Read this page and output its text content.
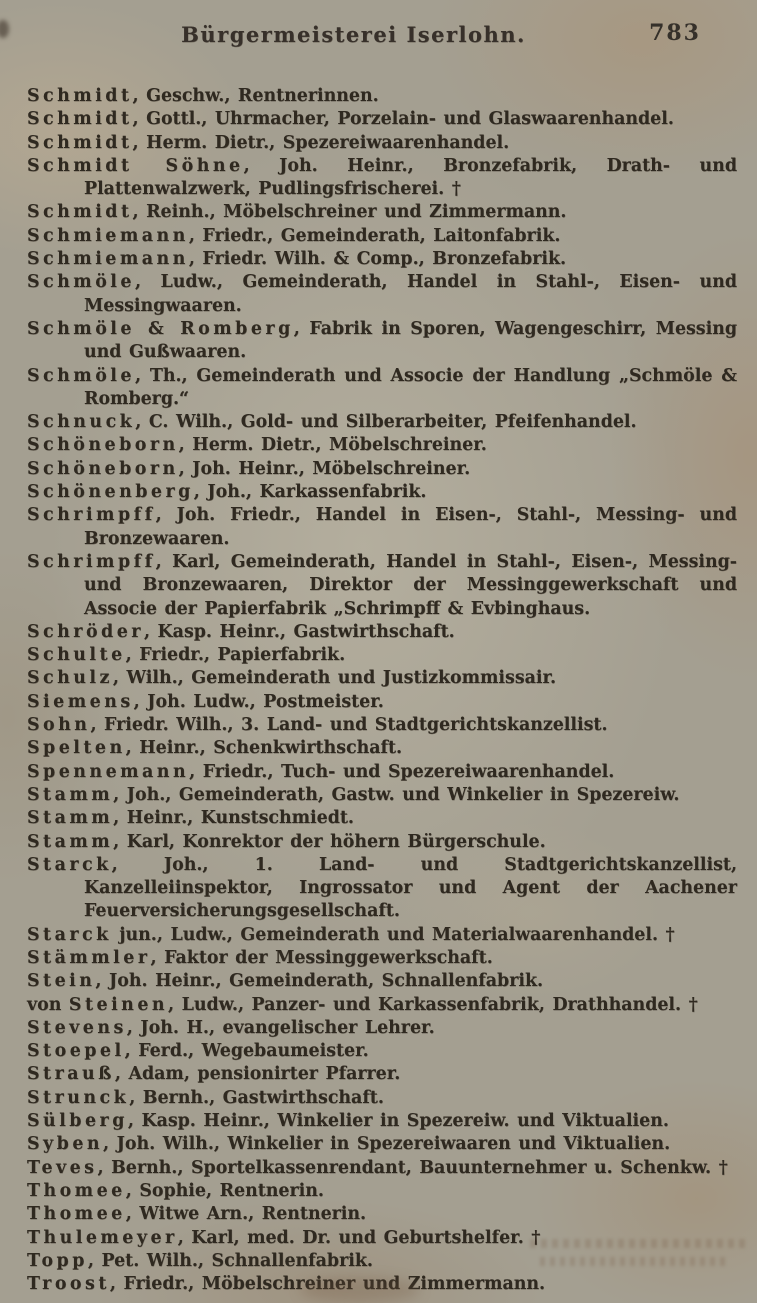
Bürgermeisterei Iserlohn.	783
Schmidt, Geschw., Rentnerinnen.
Schmidt, Gottl., Uhrmacher, Porzelain- und Glaswaarenhandel.
Schmidt, Herm. Dietr., Spezereiwaarenhandel.
Schmidt Söhne, Joh. Heinr., Bronzefabrik, Drath- und Plattenwalzwerk, Pudlingsfrischerei. †
Schmidt, Reinh., Möbelschreiner und Zimmermann.
Schmiemann, Friedr., Gemeinderath, Laitonfabrik.
Schmiemann, Friedr. Wilh. & Comp., Bronzefabrik.
Schmöle, Ludw., Gemeinderath, Handel in Stahl-, Eisen- und Messingwaaren.
Schmöle & Romberg, Fabrik in Sporen, Wagengeschirr, Messing und Gußwaaren.
Schmöle, Th., Gemeinderath und Associe der Handlung „Schmöle & Romberg.“
Schnuck, C. Wilh., Gold- und Silberarbeiter, Pfeifenhandel.
Schöneborn, Herm. Dietr., Möbelschreiner.
Schöneborn, Joh. Heinr., Möbelschreiner.
Schönenberg, Joh., Karkassenfabrik.
Schrimpff, Joh. Friedr., Handel in Eisen-, Stahl-, Messing- und Bronzewaaren.
Schrimpff, Karl, Gemeinderath, Handel in Stahl-, Eisen-, Messing- und Bronzewaaren, Direktor der Messinggewerkschaft und Associe der Papierfabrik „Schrimpff & Evbinghaus.
Schröder, Kasp. Heinr., Gastwirthschaft.
Schulte, Friedr., Papierfabrik.
Schulz, Wilh., Gemeinderath und Justizkommissair.
Siemens, Joh. Ludw., Postmeister.
Sohn, Friedr. Wilh., 3. Land- und Stadtgerichtskanzellist.
Spelten, Heinr., Schenkwirthschaft.
Spennemann, Friedr., Tuch- und Spezereiwaarenhandel.
Stamm, Joh., Gemeinderath, Gastw. und Winkelier in Spezereiw.
Stamm, Heinr., Kunstschmiedt.
Stamm, Karl, Konrektor der höhern Bürgerschule.
Starck, Joh., 1. Land- und Stadtgerichtskanzellist, Kanzelleiinspektor, Ingrossator und Agent der Aachener Feuerversicherungsgesellschaft.
Starck jun., Ludw., Gemeinderath und Materialwaarenhandel. †
Stämmler, Faktor der Messinggewerkschaft.
Stein, Joh. Heinr., Gemeinderath, Schnallenfabrik.
von Steinen, Ludw., Panzer- und Karkassenfabrik, Drathhandel. †
Stevens, Joh. H., evangelischer Lehrer.
Stoepel, Ferd., Wegebaumeister.
Strauß, Adam, pensionirter Pfarrer.
Strunck, Bernh., Gastwirthschaft.
Sülberg, Kasp. Heinr., Winkelier in Spezereiw. und Viktualien.
Syben, Joh. Wilh., Winkelier in Spezereiwaaren und Viktualien.
Teves, Bernh., Sportelkassenrendant, Bauunternehmer u. Schenkw. †
Thomee, Sophie, Rentnerin.
Thomee, Witwe Arn., Rentnerin.
Thulemeyer, Karl, med. Dr. und Geburtshelfer. †
Topp, Pet. Wilh., Schnallenfabrik.
Troost, Friedr., Möbelschreiner und Zimmermann.
